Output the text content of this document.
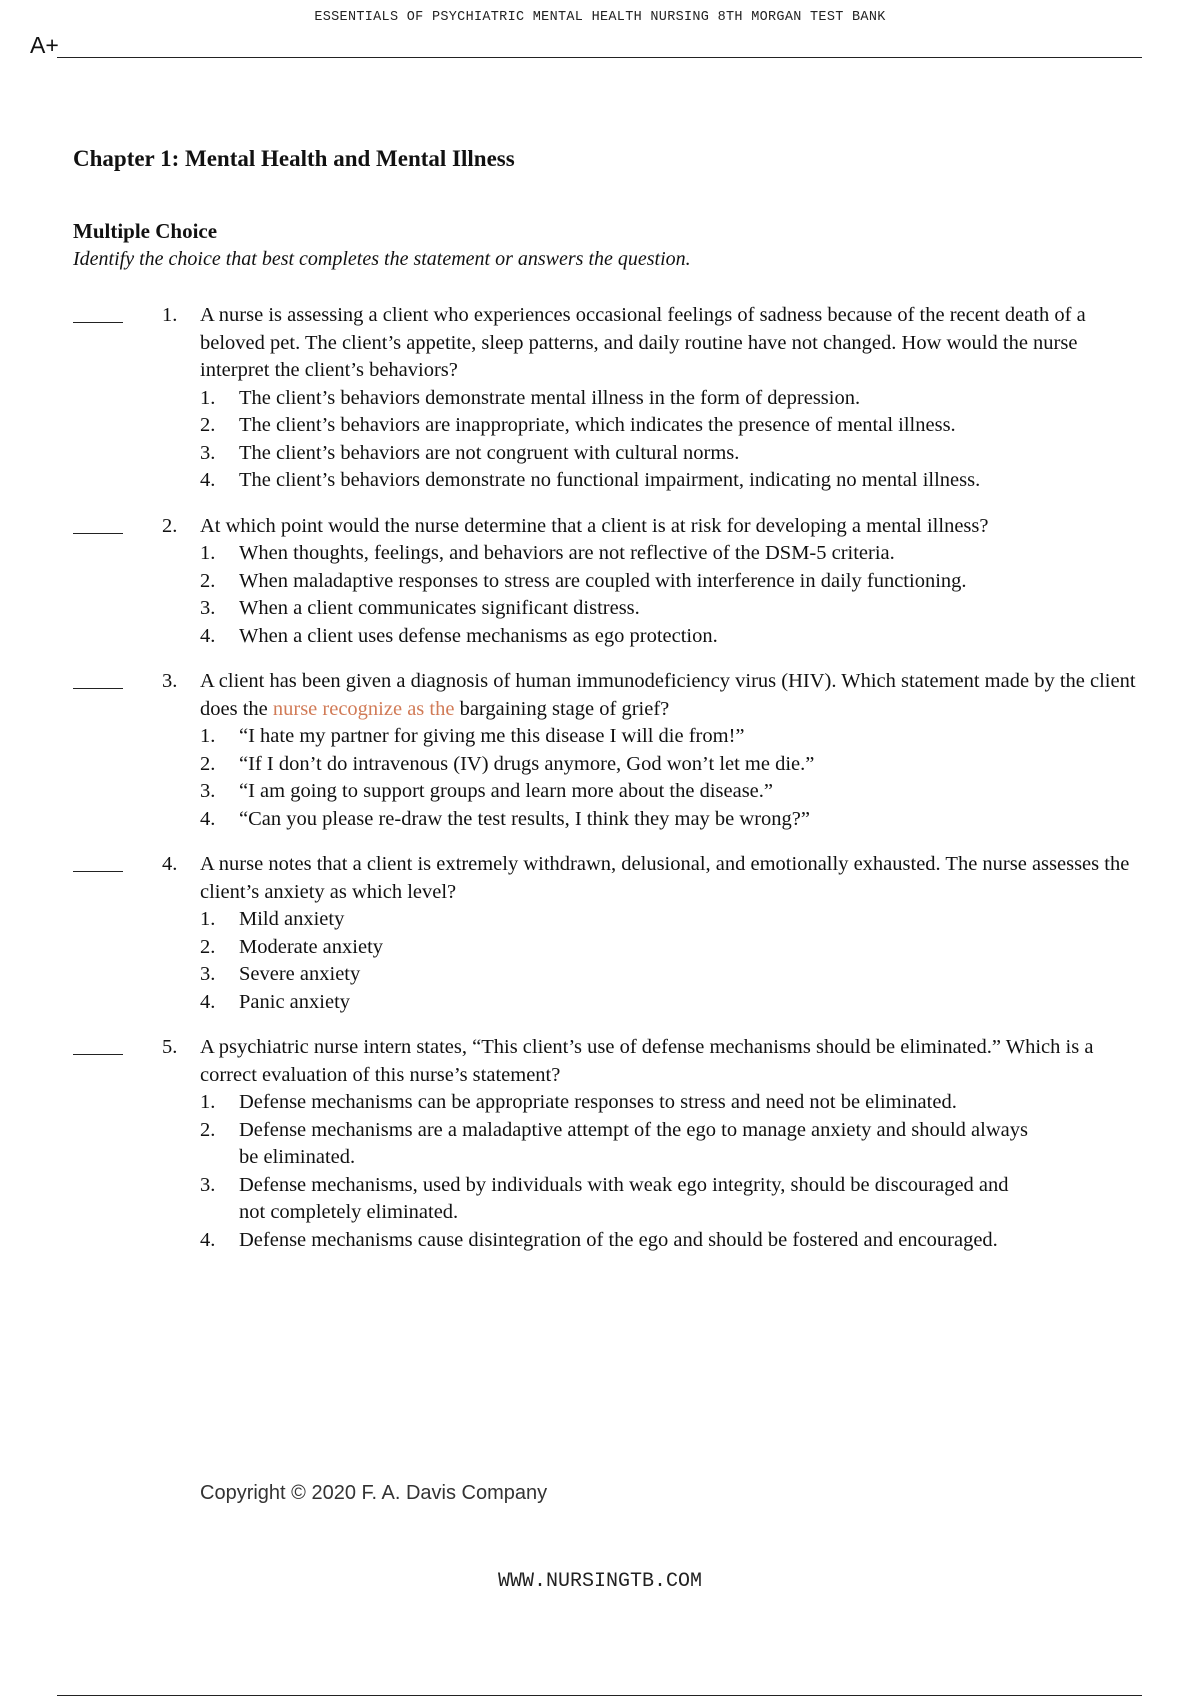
ESSENTIALS OF PSYCHIATRIC MENTAL HEALTH NURSING 8TH MORGAN TEST BANK
A+
Chapter 1: Mental Health and Mental Illness
Multiple Choice
Identify the choice that best completes the statement or answers the question.
1. A nurse is assessing a client who experiences occasional feelings of sadness because of the recent death of a beloved pet. The client’s appetite, sleep patterns, and daily routine have not changed. How would the nurse interpret the client’s behaviors?
1. The client’s behaviors demonstrate mental illness in the form of depression.
2. The client’s behaviors are inappropriate, which indicates the presence of mental illness.
3. The client’s behaviors are not congruent with cultural norms.
4. The client’s behaviors demonstrate no functional impairment, indicating no mental illness.
2. At which point would the nurse determine that a client is at risk for developing a mental illness?
1. When thoughts, feelings, and behaviors are not reflective of the DSM-5 criteria.
2. When maladaptive responses to stress are coupled with interference in daily functioning.
3. When a client communicates significant distress.
4. When a client uses defense mechanisms as ego protection.
3. A client has been given a diagnosis of human immunodeficiency virus (HIV). Which statement made by the client does the nurse recognize as the bargaining stage of grief?
1. “I hate my partner for giving me this disease I will die from!”
2. “If I don’t do intravenous (IV) drugs anymore, God won’t let me die.”
3. “I am going to support groups and learn more about the disease.”
4. “Can you please re-draw the test results, I think they may be wrong?”
4. A nurse notes that a client is extremely withdrawn, delusional, and emotionally exhausted. The nurse assesses the client’s anxiety as which level?
1. Mild anxiety
2. Moderate anxiety
3. Severe anxiety
4. Panic anxiety
5. A psychiatric nurse intern states, “This client’s use of defense mechanisms should be eliminated.” Which is a correct evaluation of this nurse’s statement?
1. Defense mechanisms can be appropriate responses to stress and need not be eliminated.
2. Defense mechanisms are a maladaptive attempt of the ego to manage anxiety and should always be eliminated.
3. Defense mechanisms, used by individuals with weak ego integrity, should be discouraged and not completely eliminated.
4. Defense mechanisms cause disintegration of the ego and should be fostered and encouraged.
Copyright © 2020 F. A. Davis Company
WWW.NURSINGTB.COM
